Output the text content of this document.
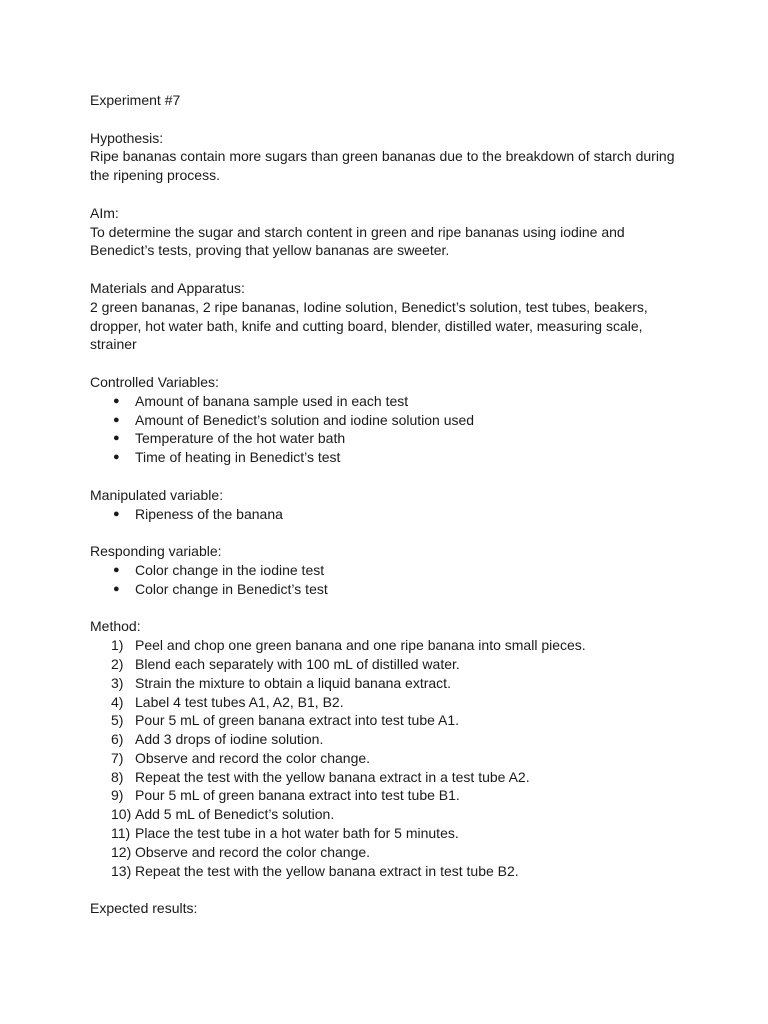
Experiment #7

Hypothesis:

Ripe bananas contain more sugars than green bananas due to the breakdown of starch during

the ripening process.

AIm:

To determine the sugar and starch content in green and ripe bananas using iodine and

Benedict’s tests, proving that yellow bananas are sweeter.

Materials and Apparatus:

2 green bananas, 2 ripe bananas, Iodine solution, Benedict’s solution, test tubes, beakers,

dropper, hot water bath, knife and cutting board, blender, distilled water, measuring scale,

strainer

Controlled Variables:

● Amount of banana sample used in each test
● Amount of Benedict’s solution and iodine solution used
● Temperature of the hot water bath
● Time of heating in Benedict’s test

Manipulated variable:

● Ripeness of the banana

Responding variable:

● Color change in the iodine test
● Color change in Benedict’s test

Method:

1) Peel and chop one green banana and one ripe banana into small pieces.
2) Blend each separately with 100 mL of distilled water.
3) Strain the mixture to obtain a liquid banana extract.
4) Label 4 test tubes A1, A2, B1, B2.
5) Pour 5 mL of green banana extract into test tube A1.
6) Add 3 drops of iodine solution.
7) Observe and record the color change.
8) Repeat the test with the yellow banana extract in a test tube A2.
9) Pour 5 mL of green banana extract into test tube B1.
10) Add 5 mL of Benedict’s solution.
11) Place the test tube in a hot water bath for 5 minutes.
12) Observe and record the color change.
13) Repeat the test with the yellow banana extract in test tube B2.

Expected results:
